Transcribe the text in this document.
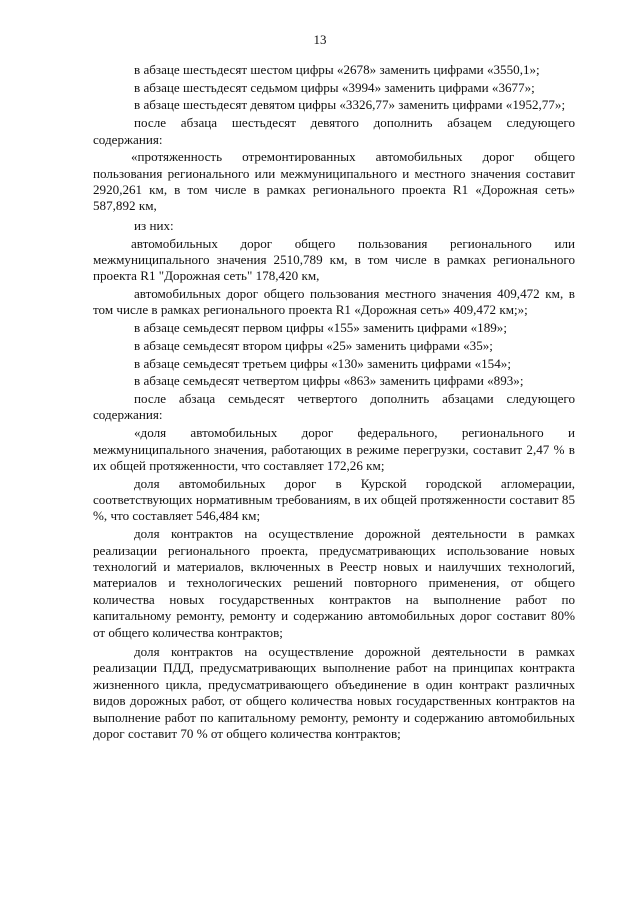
13

в абзаце шестьдесят шестом цифры «2678» заменить цифрами «3550,1»;

в абзаце шестьдесят седьмом цифры «3994» заменить цифрами «3677»;

в абзаце шестьдесят девятом цифры «3326,77» заменить цифрами «1952,77»;

после абзаца шестьдесят девятого дополнить абзацем следующего содержания:

«протяженность отремонтированных автомобильных дорог общего пользования регионального или межмуниципального и местного значения составит 2920,261 км, в том числе в рамках регионального проекта R1 «Дорожная сеть» 587,892 км,

из них:

автомобильных дорог общего пользования регионального или межмуниципального значения 2510,789 км, в том числе в рамках регионального проекта R1 "Дорожная сеть" 178,420 км,

автомобильных дорог общего пользования местного значения 409,472 км, в том числе в рамках регионального проекта R1 «Дорожная сеть» 409,472 км;»;

в абзаце семьдесят первом цифры «155» заменить цифрами «189»;

в абзаце семьдесят втором цифры «25» заменить цифрами «35»;

в абзаце семьдесят третьем цифры «130» заменить цифрами «154»;

в абзаце семьдесят четвертом цифры «863» заменить цифрами «893»;

после абзаца семьдесят четвертого дополнить абзацами следующего содержания:

«доля автомобильных дорог федерального, регионального и межмуниципального значения, работающих в режиме перегрузки, составит 2,47 % в их общей протяженности, что составляет 172,26 км;

доля автомобильных дорог в Курской городской агломерации, соответствующих нормативным требованиям, в их общей протяженности составит 85 %, что составляет 546,484 км;

доля контрактов на осуществление дорожной деятельности в рамках реализации регионального проекта, предусматривающих использование новых технологий и материалов, включенных в Реестр новых и наилучших технологий, материалов и технологических решений повторного применения, от общего количества новых государственных контрактов на выполнение работ по капитальному ремонту, ремонту и содержанию автомобильных дорог составит 80% от общего количества контрактов;

доля контрактов на осуществление дорожной деятельности в рамках реализации ПДД, предусматривающих выполнение работ на принципах контракта жизненного цикла, предусматривающего объединение в один контракт различных видов дорожных работ, от общего количества новых государственных контрактов на выполнение работ по капитальному ремонту, ремонту и содержанию автомобильных дорог составит 70 % от общего количества контрактов;
